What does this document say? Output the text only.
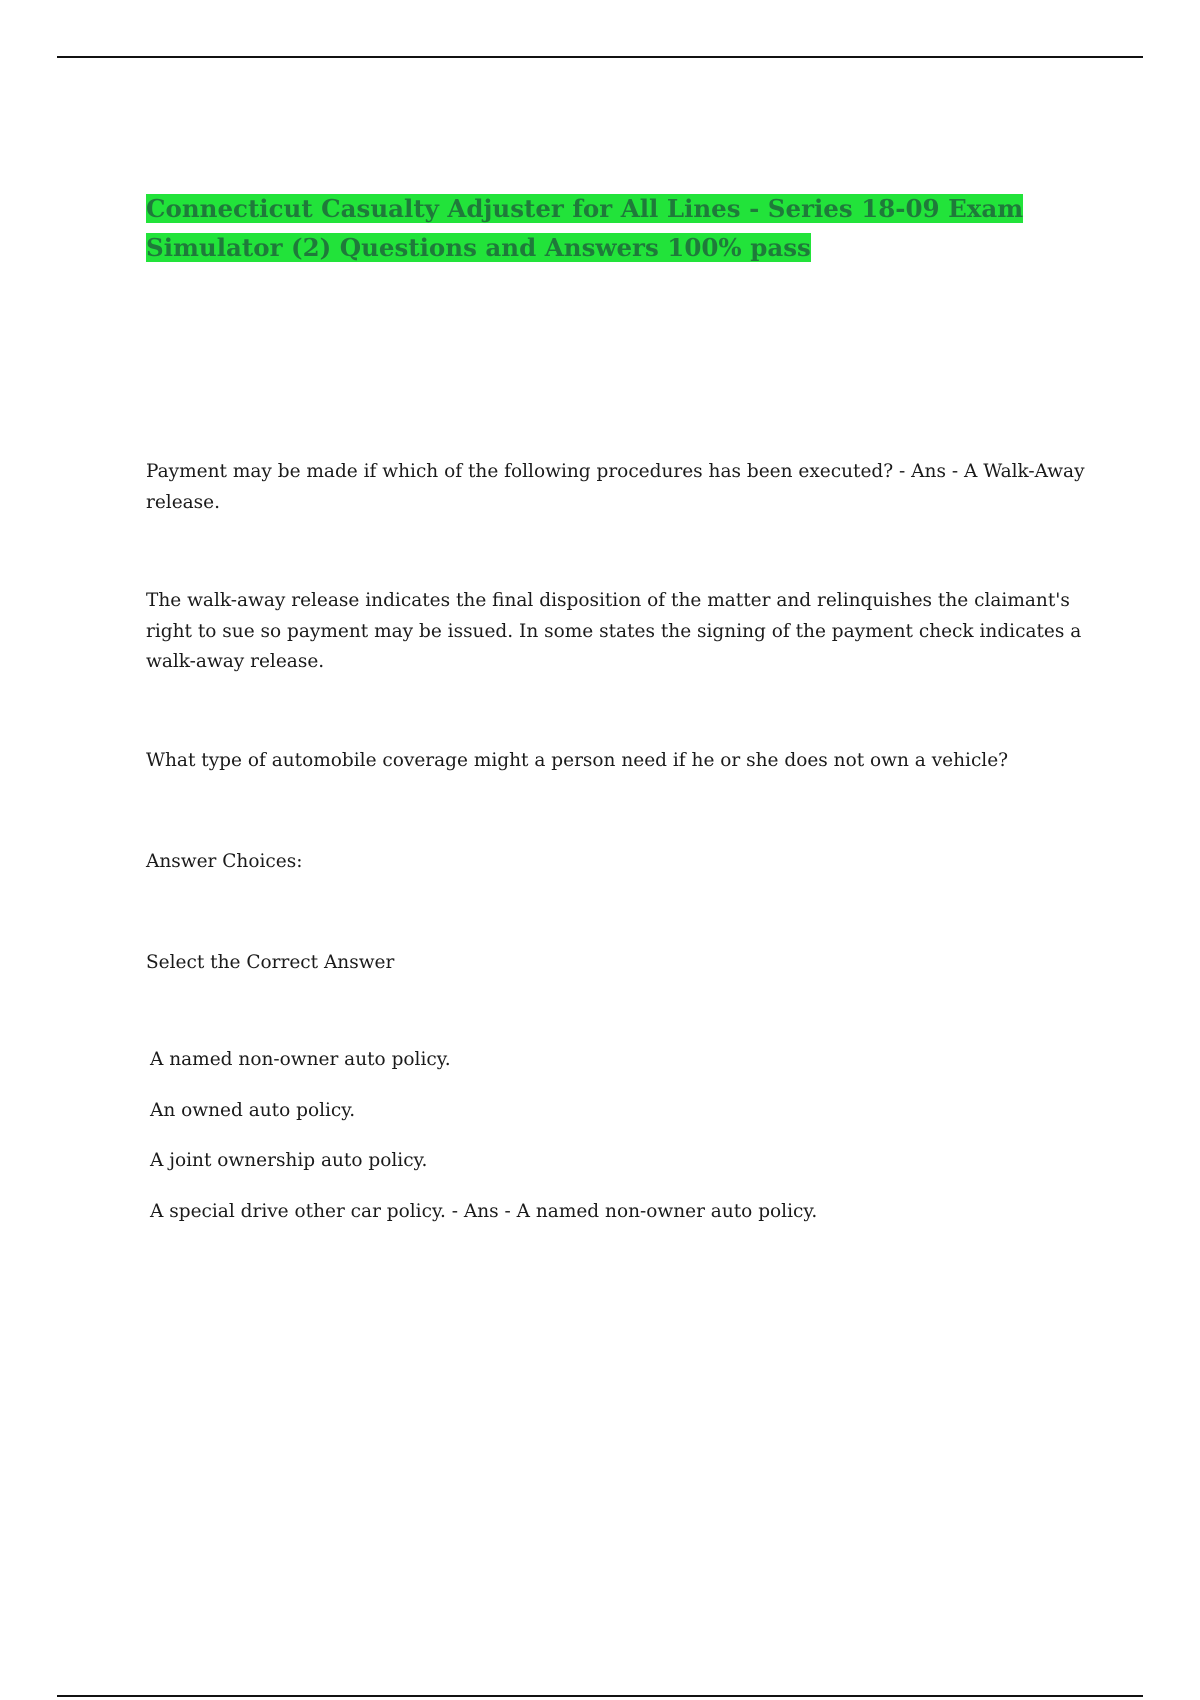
Connecticut Casualty Adjuster for All Lines - Series 18-09 Exam Simulator (2) Questions and Answers 100% pass

Payment may be made if which of the following procedures has been executed? - Ans - A Walk-Away release.

The walk-away release indicates the final disposition of the matter and relinquishes the claimant's right to sue so payment may be issued. In some states the signing of the payment check indicates a walk-away release.

What type of automobile coverage might a person need if he or she does not own a vehicle?

Answer Choices:

Select the Correct Answer

A named non-owner auto policy.
An owned auto policy.
A joint ownership auto policy.
A special drive other car policy. - Ans - A named non-owner auto policy.
